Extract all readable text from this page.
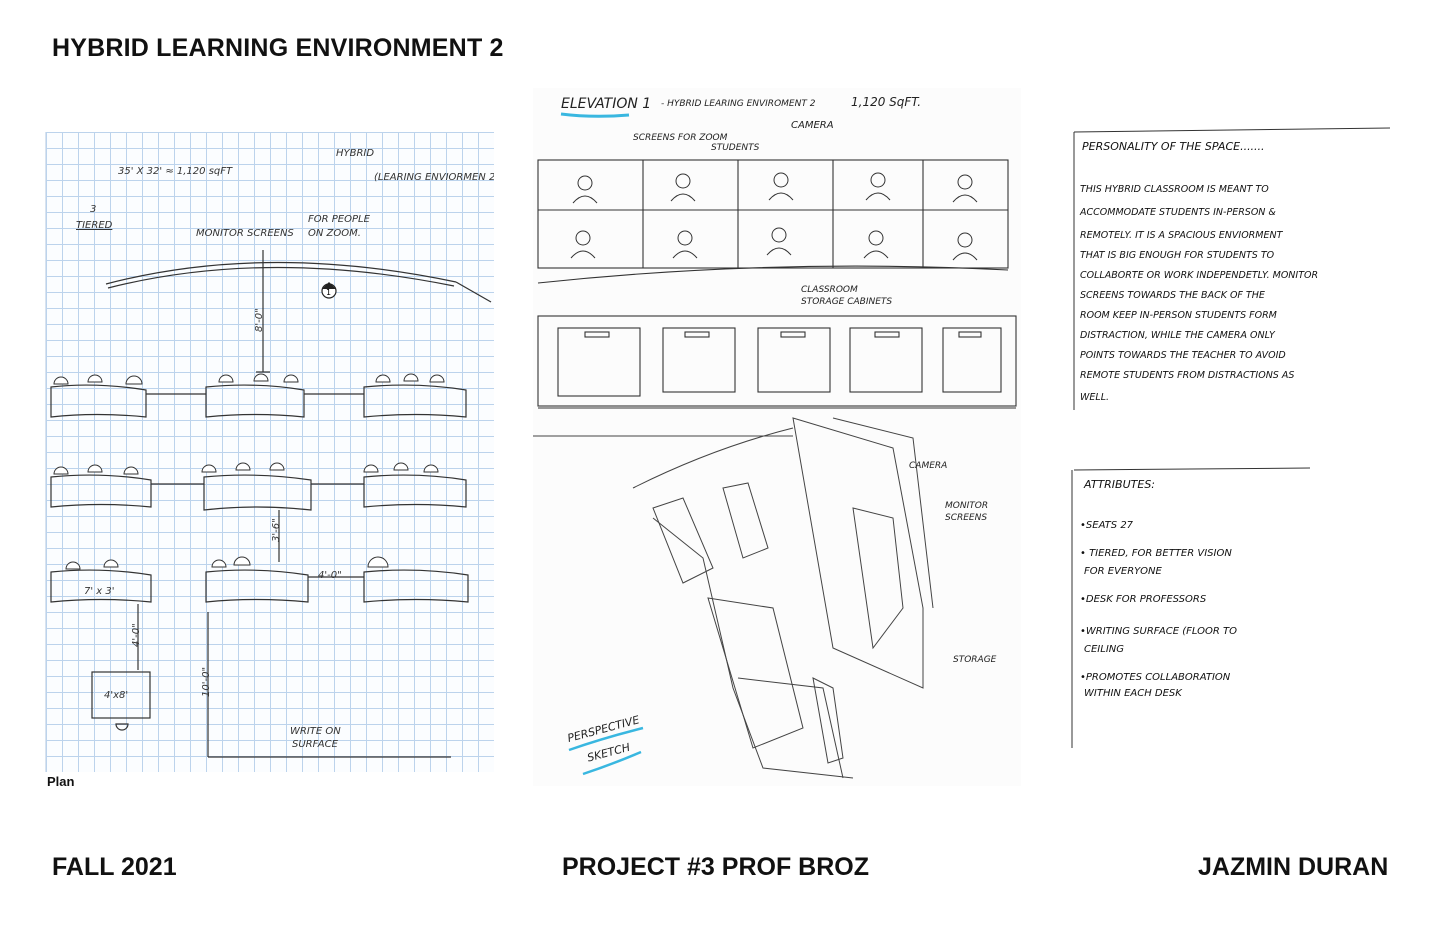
HYBRID LEARNING ENVIRONMENT 2
1
35' X 32' ≈ 1,120 sqFT
HYBRID
(LEARING ENVIORMEN 2)
3
TIERED
MONITOR SCREENS
FOR PEOPLE
ON ZOOM.
8'-0"
3'-6"
4'-0"
4'-0"
10'-0"
7' x 3'
4'x8'
WRITE ON
SURFACE
Plan
ELEVATION 1 - HYBRID LEARING ENVIROMENT 2	1,120 SqFT.
SCREENS FOR ZOOM
STUDENTS
CAMERA
CLASSROOM
STORAGE CABINETS
CAMERA
MONITOR
SCREENS
STORAGE
PERSPECTIVE
SKETCH
PERSONALITY OF THE SPACE.......
THIS HYBRID CLASSROOM IS MEANT TO
ACCOMMODATE STUDENTS IN-PERSON &
REMOTELY. IT IS A SPACIOUS ENVIORMENT
THAT IS BIG ENOUGH FOR STUDENTS TO
COLLABORTE OR WORK INDEPENDETLY. MONITOR
SCREENS TOWARDS THE BACK OF THE
ROOM KEEP IN-PERSON STUDENTS FORM
DISTRACTION, WHILE THE CAMERA ONLY
POINTS TOWARDS THE TEACHER TO AVOID
REMOTE STUDENTS FROM DISTRACTIONS AS
WELL.
ATTRIBUTES:
•SEATS 27
• TIERED, FOR BETTER VISION
FOR EVERYONE
•DESK FOR PROFESSORS
•WRITING SURFACE (FLOOR TO
CEILING
•PROMOTES COLLABORATION
WITHIN EACH DESK
FALL 2021	PROJECT #3 PROF BROZ	JAZMIN DURAN
